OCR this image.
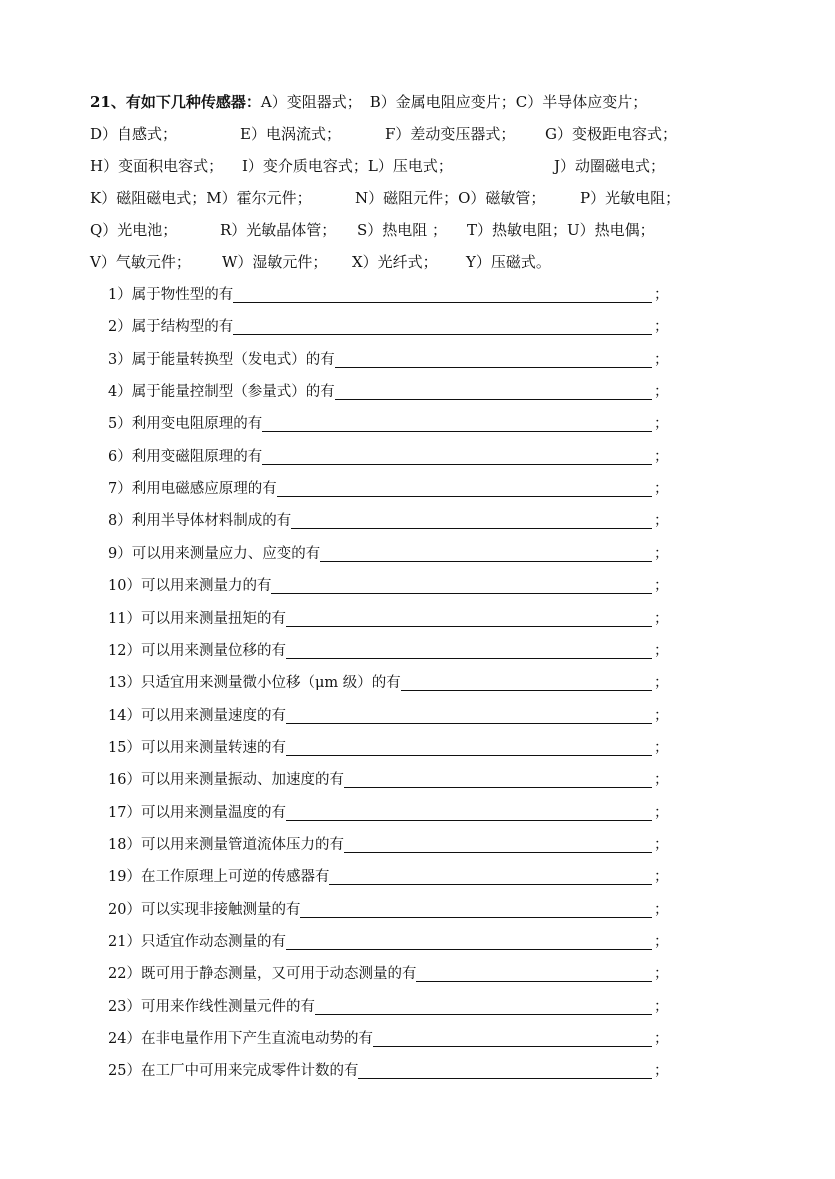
21、有如下几种传感器：A）变阻器式； B）金属电阻应变片；C）半导体应变片；
D）自感式；	E）电涡流式；	F）差动变压器式； G）变极距电容式；
H）变面积电容式； I）变介质电容式；L）压电式；	J）动圈磁电式；
K）磁阻磁电式；M）霍尔元件；	N）磁阻元件；O）磁敏管； P）光敏电阻；
Q）光电池；	R）光敏晶体管； S）热电阻 ； T）热敏电阻；U）热电偶；
V）气敏元件； W）湿敏元件； X）光纤式； Y）压磁式。
1） 属于物性型的有	；
2） 属于结构型的有	；
3） 属于能量转换型（发电式）的有	；
4） 属于能量控制型（参量式）的有	；
5） 利用变电阻原理的有	；
6） 利用变磁阻原理的有	；
7） 利用电磁感应原理的有	；
8） 利用半导体材料制成的有	；
9） 可以用来测量应力、应变的有	；
10） 可以用来测量力的有	；
11） 可以用来测量扭矩的有	；
12） 可以用来测量位移的有	；
13） 只适宜用来测量微小位移（μm 级）的有	；
14） 可以用来测量速度的有	；
15） 可以用来测量转速的有	；
16） 可以用来测量振动、加速度的有	；
17） 可以用来测量温度的有	；
18） 可以用来测量管道流体压力的有	；
19） 在工作原理上可逆的传感器有	；
20） 可以实现非接触测量的有	；
21） 只适宜作动态测量的有	；
22） 既可用于静态测量，又可用于动态测量的有	；
23） 可用来作线性测量元件的有	；
24） 在非电量作用下产生直流电动势的有	；
25） 在工厂中可用来完成零件计数的有	；
